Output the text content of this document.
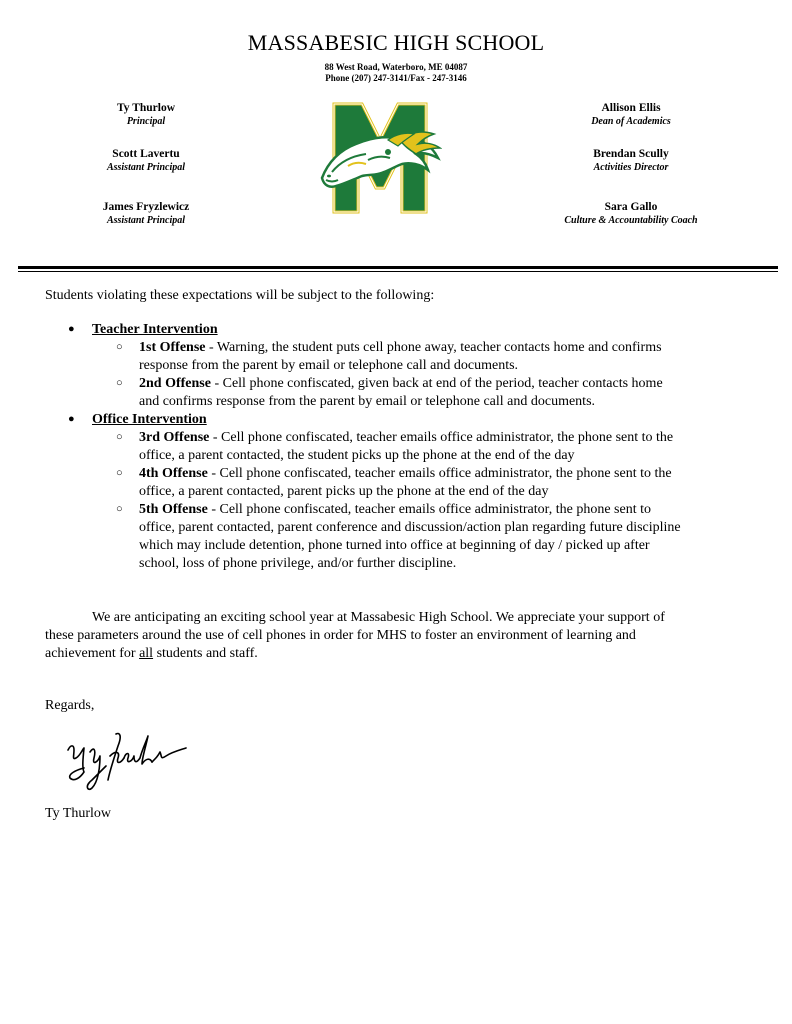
MASSABESIC HIGH SCHOOL
88 West Road, Waterboro, ME 04087
Phone (207) 247-3141/Fax - 247-3146
Ty Thurlow
Principal
Scott Lavertu
Assistant Principal
James Fryzlewicz
Assistant Principal
Allison Ellis
Dean of Academics
Brendan Scully
Activities Director
Sara Gallo
Culture & Accountability Coach
Students violating these expectations will be subject to the following:
● Teacher Intervention
○ 1st Offense - Warning, the student puts cell phone away, teacher contacts home and confirms
response from the parent by email or telephone call and documents.
○ 2nd Offense - Cell phone confiscated, given back at end of the period, teacher contacts home
and confirms response from the parent by email or telephone call and documents.
● Office Intervention
○ 3rd Offense - Cell phone confiscated, teacher emails office administrator, the phone sent to the
office, a parent contacted, the student picks up the phone at the end of the day
○ 4th Offense - Cell phone confiscated, teacher emails office administrator, the phone sent to the
office, a parent contacted, parent picks up the phone at the end of the day
○ 5th Offense - Cell phone confiscated, teacher emails office administrator, the phone sent to
office, parent contacted, parent conference and discussion/action plan regarding future discipline
which may include detention, phone turned into office at beginning of day / picked up after
school, loss of phone privilege, and/or further discipline.
We are anticipating an exciting school year at Massabesic High School. We appreciate your support of
these parameters around the use of cell phones in order for MHS to foster an environment of learning and
achievement for all students and staff.
Regards,
Ty Thurlow
